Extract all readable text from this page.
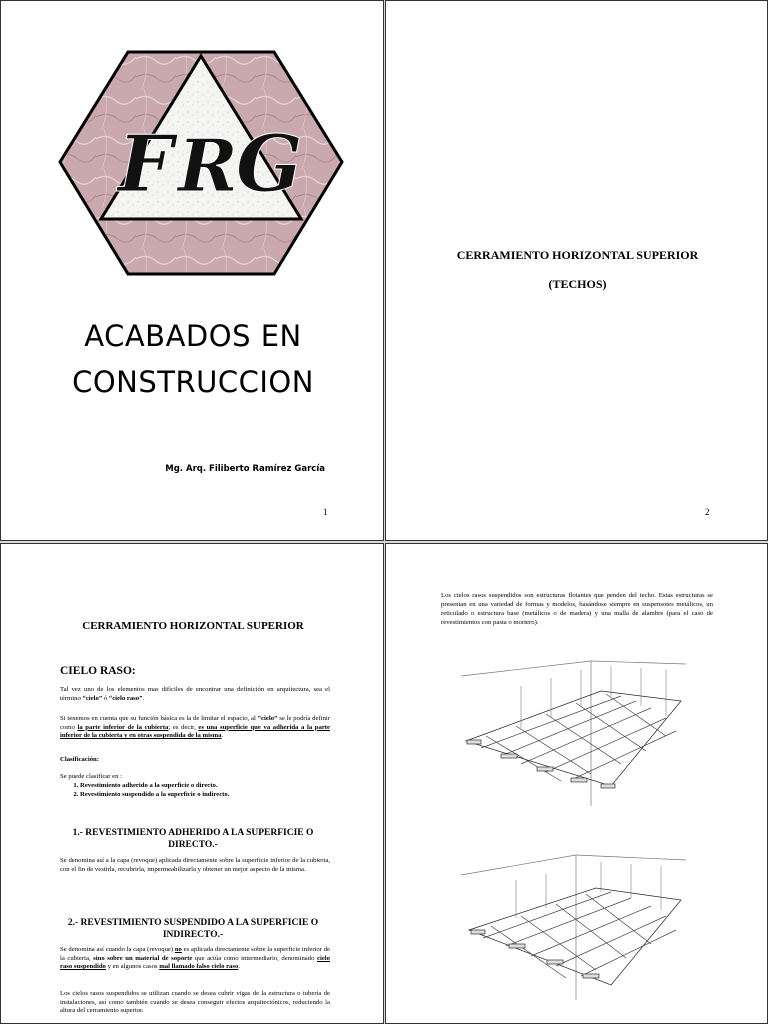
F R
G
ACABADOS EN
CONSTRUCCION
Mg. Arq. Filiberto Ramírez García
1
CERRAMIENTO HORIZONTAL SUPERIOR
(TECHOS)
2
CERRAMIENTO HORIZONTAL SUPERIOR
CIELO RASO:
Tal vez uno de los elementos mas difíciles de encontrar una definición en arquitectura, sea el término “cielo” ó “cielo raso”.
Si tenemos en cuenta que su función básica es la de limitar el espacio, al “cielo” se le podría definir como la parte inferior de la cubierta; es decir, es una superficie que va adherida a la parte inferior de la cubierta y en otras suspendida de la misma.
Clasificación:
Se puede clasificar en :
1. Revestimiento adherido a la superficie o directo.
2. Revestimiento suspendido a la superficie o indirecto.
1.- REVESTIMIENTO ADHERIDO A LA SUPERFICIE O
DIRECTO.-
Se denomina así a la capa (revoque) aplicada directamente sobre la superficie inferior de la cubierta, con el fin de vestirla, recubrirla, impermeabilizarla y obtener un mejor aspecto de la misma.
2.- REVESTIMIENTO SUSPENDIDO A LA SUPERFICIE O
INDIRECTO.-
Se denomina así cuando la capa (revoque) no es aplicada directamente sobre la superficie inferior de la cubierta, sino sobre un material de soporte que actúa como intermediario, denominado cielo raso suspendido y en algunos casos mal llamado falso cielo raso.
Los cielos rasos suspendidos se utilizan cuando se desea cubrir vigas de la estructura o tubería de instalaciones, así como también cuando se desea conseguir efectos arquitectónicos, reduciendo la altura del cerramiento superior.
Los cielos rasos suspendidos son estructuras flotantes que penden del techo. Estas estructuras se presentan en una variedad de formas y modelos, basándose siempre en suspensotes metálicos, un reticulado o estructura base (metálicos o de madera) y una malla de alambre (para el caso de revestimientos con pasta o mortero).
